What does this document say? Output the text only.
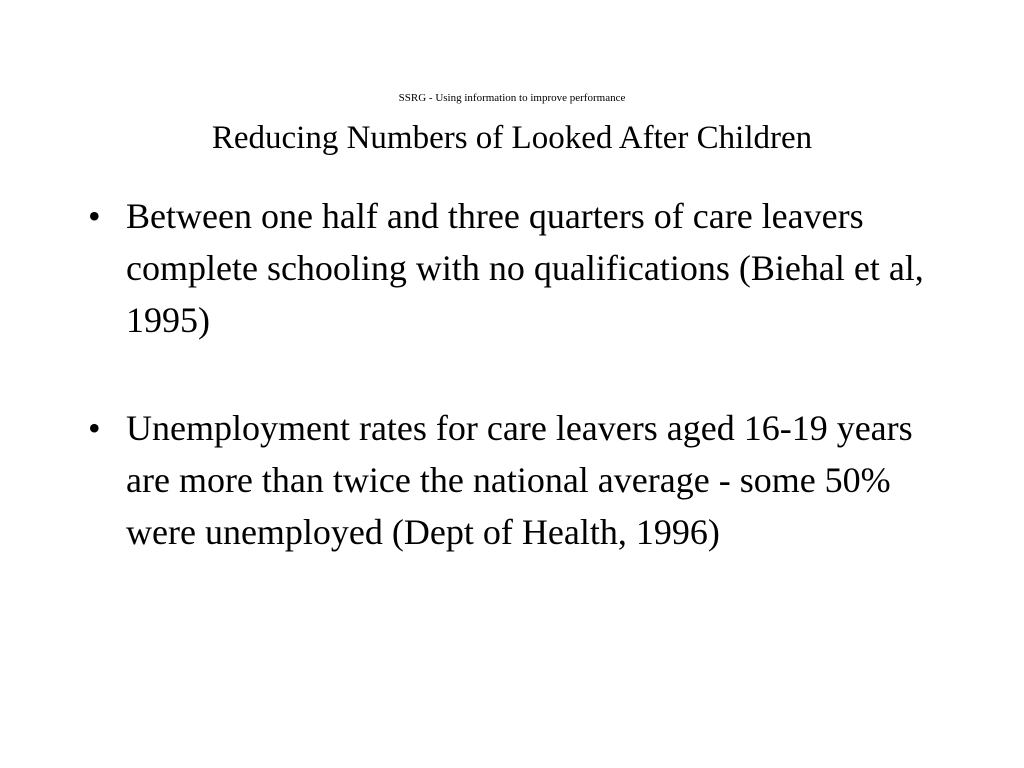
SSRG - Using information to improve performance
Reducing Numbers of Looked After Children
• Between one half and three quarters of care leavers complete schooling with no qualifications (Biehal et al, 1995)
• Unemployment rates for care leavers aged 16-19 years are more than twice the national average - some 50% were unemployed (Dept of Health, 1996)
